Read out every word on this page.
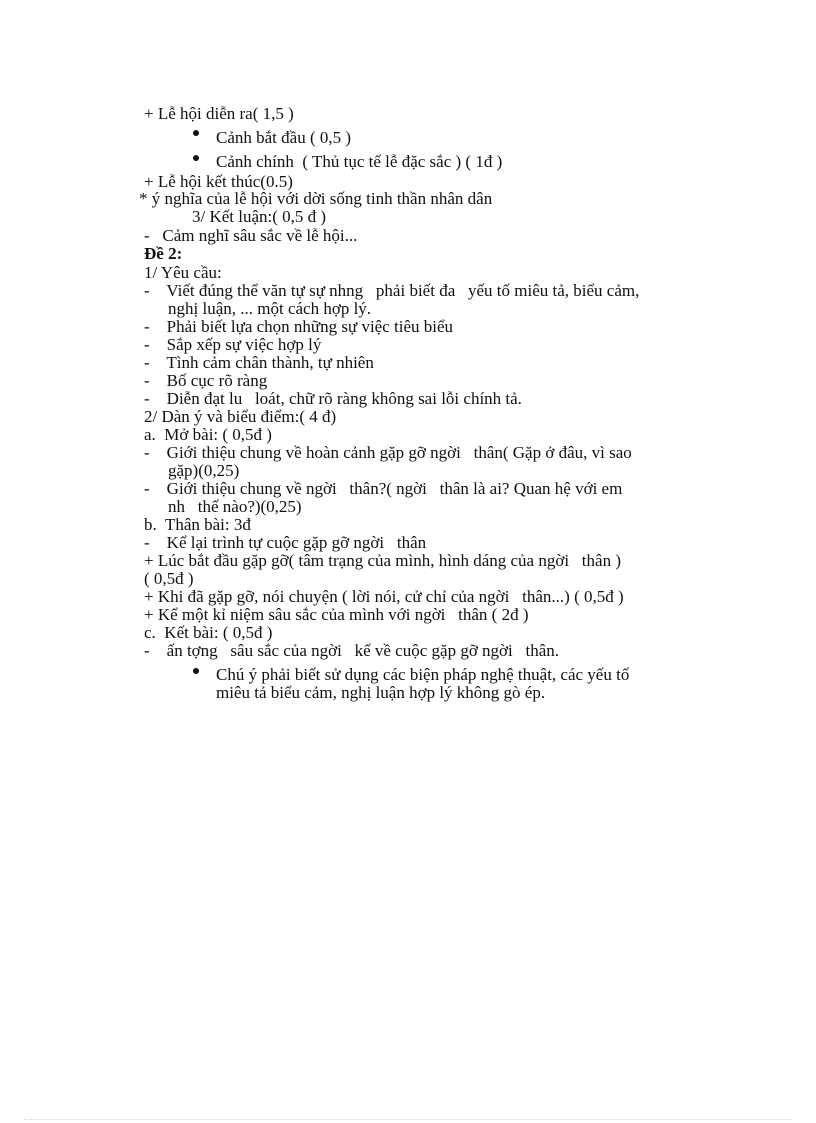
+ Lễ hội diễn ra( 1,5 )
Cảnh bắt đầu ( 0,5 )
Cảnh chính  ( Thủ tục tế lễ đặc sắc ) ( 1đ )
+ Lễ hội kết thúc(0.5)
* ý nghĩa của lễ hội với dời sống tinh thần nhân dân
3/ Kết luận:( 0,5 đ )
-   Cảm nghĩ sâu sắc về lễ hội...
Đề 2:
1/ Yêu cầu:
-    Viết đúng thể văn tự sự nhng   phải biết đa   yếu tố miêu tả, biểu cảm,
nghị luận, ... một cách hợp lý.
-    Phải biết lựa chọn những sự việc tiêu biểu
-    Sắp xếp sự việc hợp lý
-    Tình cảm chân thành, tự nhiên
-    Bố cục rõ ràng
-    Diễn đạt lu   loát, chữ rõ ràng không sai lỗi chính tả.
2/ Dàn ý và biểu điểm:( 4 đ)
a.  Mở bài: ( 0,5đ )
-    Giới thiệu chung về hoàn cảnh gặp gỡ ngời   thân( Gặp ở đâu, vì sao
gặp)(0,25)
-    Giới thiệu chung về ngời   thân?( ngời   thân là ai? Quan hệ với em
nh   thế nào?)(0,25)
b.  Thân bài: 3đ
-    Kể lại trình tự cuộc gặp gỡ ngời   thân
+ Lúc bắt đầu gặp gỡ( tâm trạng của mình, hình dáng của ngời   thân )
( 0,5đ )
+ Khi đã gặp gỡ, nói chuyện ( lời nói, cử chỉ của ngời   thân...) ( 0,5đ )
+ Kể một kỉ niệm sâu sắc của mình với ngời   thân ( 2đ )
c.  Kết bài: ( 0,5đ )
-    ấn tợng   sâu sắc của ngời   kể về cuộc gặp gỡ ngời   thân.
Chú ý phải biết sử dụng các biện pháp nghệ thuật, các yếu tố
miêu tả biểu cảm, nghị luận hợp lý không gò ép.
